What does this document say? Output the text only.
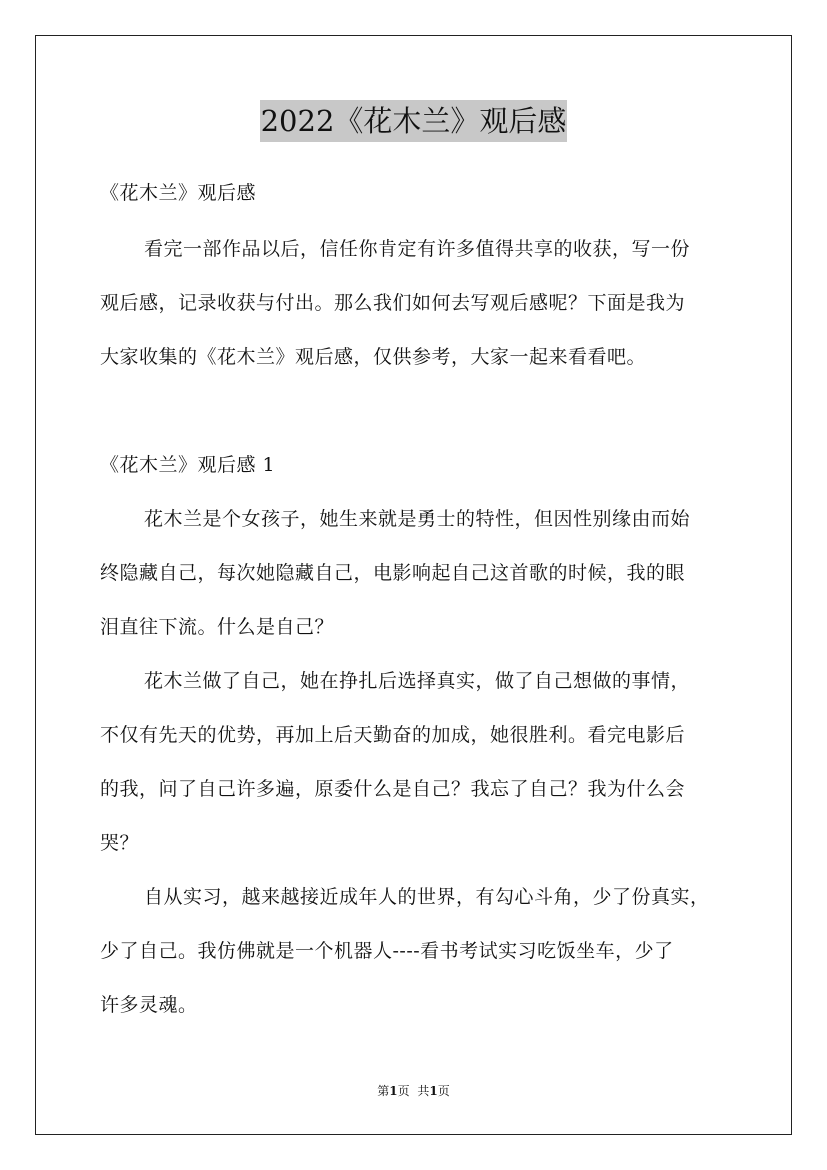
2022《花木兰》观后感
《花木兰》观后感
看完一部作品以后，信任你肯定有许多值得共享的收获，写一份
观后感，记录收获与付出。那么我们如何去写观后感呢？下面是我为
大家收集的《花木兰》观后感，仅供参考，大家一起来看看吧。
《花木兰》观后感 1
花木兰是个女孩子，她生来就是勇士的特性，但因性别缘由而始
终隐藏自己，每次她隐藏自己，电影响起自己这首歌的时候，我的眼
泪直往下流。什么是自己？
花木兰做了自己，她在挣扎后选择真实，做了自己想做的事情，
不仅有先天的优势，再加上后天勤奋的加成，她很胜利。看完电影后
的我，问了自己许多遍，原委什么是自己？我忘了自己？我为什么会
哭？
自从实习，越来越接近成年人的世界，有勾心斗角，少了份真实，
少了自己。我仿佛就是一个机器人----看书考试实习吃饭坐车，少了
许多灵魂。
第1页 共1页
